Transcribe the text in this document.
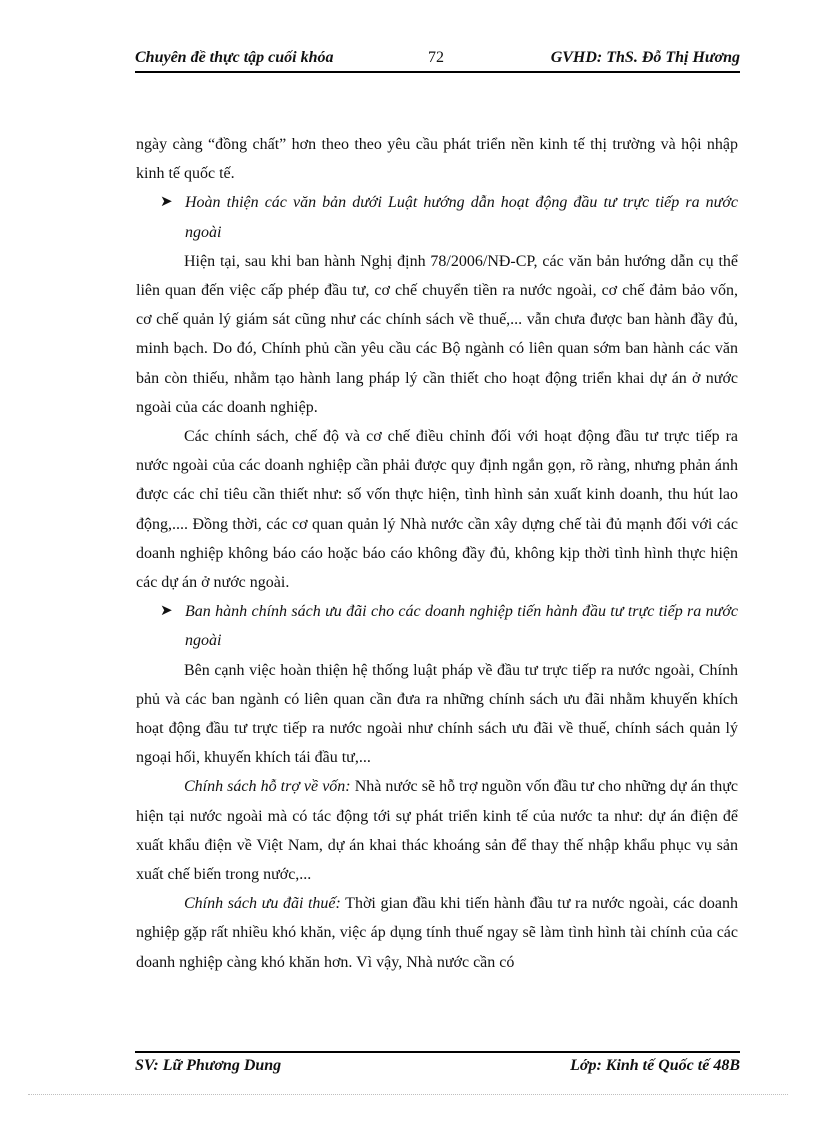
Chuyên đề thực tập cuối khóa	72	GVHD: ThS. Đỗ Thị Hương

ngày càng “đồng chất” hơn theo theo yêu cầu phát triển nền kinh tế thị trường và hội nhập kinh tế quốc tế.

➤ Hoàn thiện các văn bản dưới Luật hướng dẫn hoạt động đầu tư trực tiếp ra nước ngoài

Hiện tại, sau khi ban hành Nghị định 78/2006/NĐ-CP, các văn bản hướng dẫn cụ thể liên quan đến việc cấp phép đầu tư, cơ chế chuyển tiền ra nước ngoài, cơ chế đảm bảo vốn, cơ chế quản lý giám sát cũng như các chính sách về thuế,... vẫn chưa được ban hành đầy đủ, minh bạch. Do đó, Chính phủ cần yêu cầu các Bộ ngành có liên quan sớm ban hành các văn bản còn thiếu, nhằm tạo hành lang pháp lý cần thiết cho hoạt động triển khai dự án ở nước ngoài của các doanh nghiệp.

Các chính sách, chế độ và cơ chế điều chỉnh đối với hoạt động đầu tư trực tiếp ra nước ngoài của các doanh nghiệp cần phải được quy định ngắn gọn, rõ ràng, nhưng phản ánh được các chỉ tiêu cần thiết như: số vốn thực hiện, tình hình sản xuất kinh doanh, thu hút lao động,.... Đồng thời, các cơ quan quản lý Nhà nước cần xây dựng chế tài đủ mạnh đối với các doanh nghiệp không báo cáo hoặc báo cáo không đầy đủ, không kịp thời tình hình thực hiện các dự án ở nước ngoài.

➤ Ban hành chính sách ưu đãi cho các doanh nghiệp tiến hành đầu tư trực tiếp ra nước ngoài

Bên cạnh việc hoàn thiện hệ thống luật pháp về đầu tư trực tiếp ra nước ngoài, Chính phủ và các ban ngành có liên quan cần đưa ra những chính sách ưu đãi nhằm khuyến khích hoạt động đầu tư trực tiếp ra nước ngoài như chính sách ưu đãi về thuế, chính sách quản lý ngoại hối, khuyến khích tái đầu tư,...

Chính sách hỗ trợ về vốn: Nhà nước sẽ hỗ trợ nguồn vốn đầu tư cho những dự án thực hiện tại nước ngoài mà có tác động tới sự phát triển kinh tế của nước ta như: dự án điện để xuất khẩu điện về Việt Nam, dự án khai thác khoáng sản để thay thế nhập khẩu phục vụ sản xuất chế biến trong nước,...

Chính sách ưu đãi thuế: Thời gian đầu khi tiến hành đầu tư ra nước ngoài, các doanh nghiệp gặp rất nhiều khó khăn, việc áp dụng tính thuế ngay sẽ làm tình hình tài chính của các doanh nghiệp càng khó khăn hơn. Vì vậy, Nhà nước cần có

SV: Lữ Phương Dung	Lớp: Kinh tế Quốc tế 48B
